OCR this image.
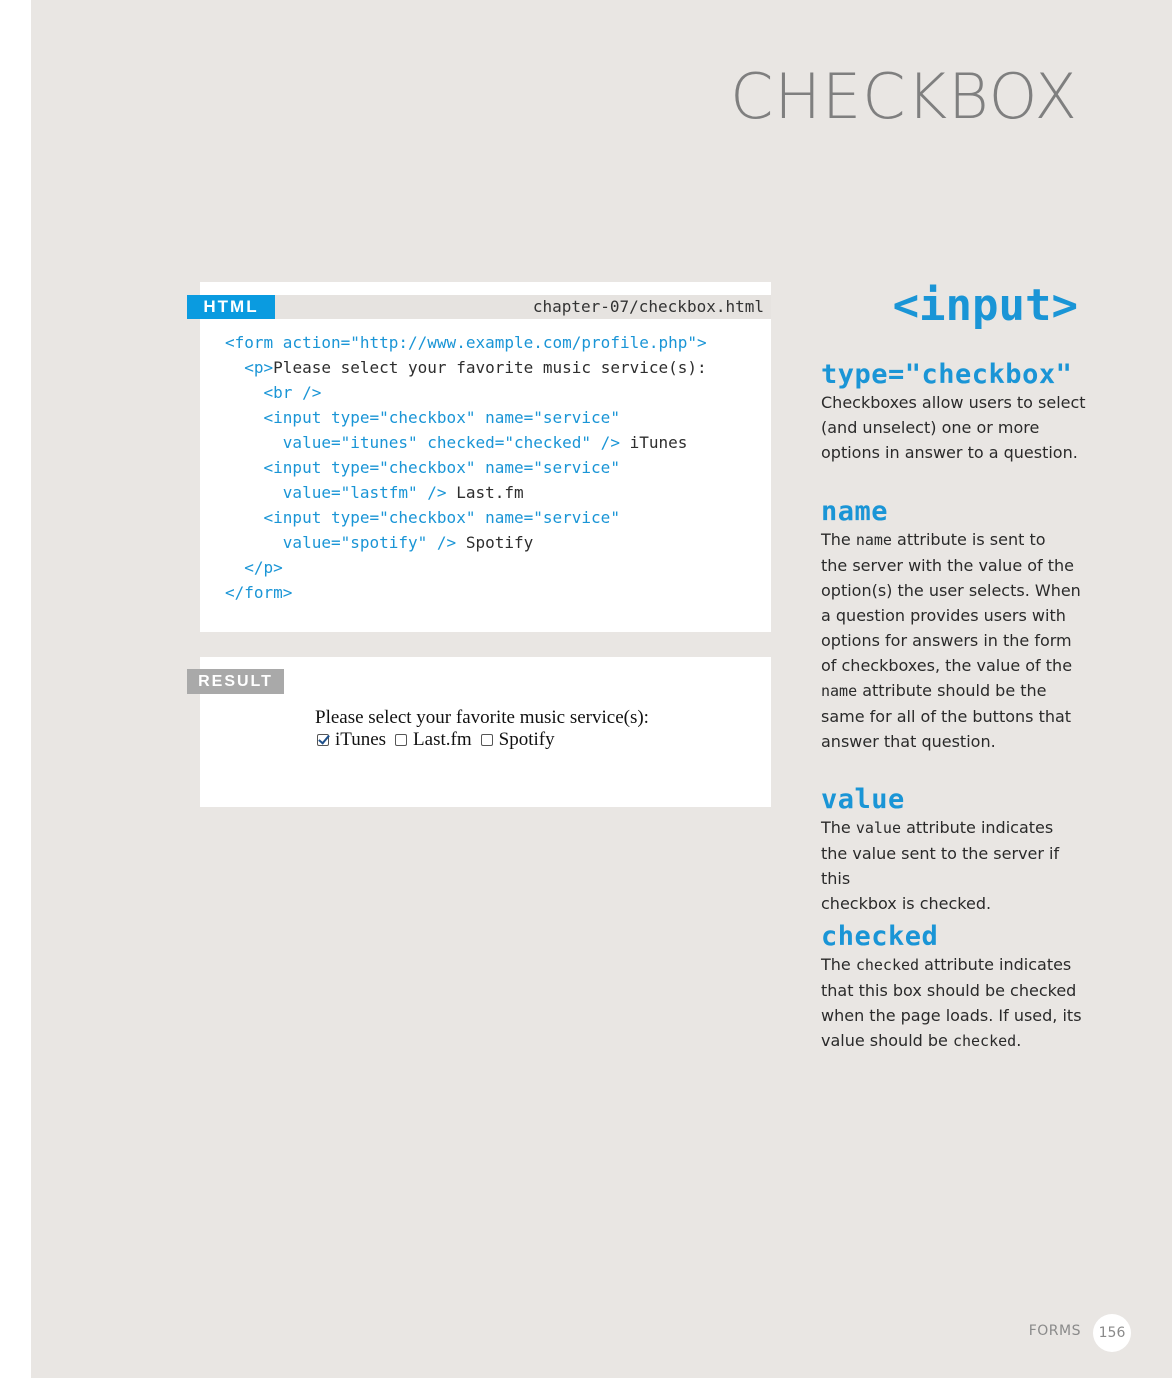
CHECKBOX
HTML	chapter-07/checkbox.html
<form action="http://www.example.com/profile.php">
<p>Please select your favorite music service(s):
<br />
<input type="checkbox" name="service"
value="itunes" checked="checked" /> iTunes
<input type="checkbox" name="service"
value="lastfm" /> Last.fm
<input type="checkbox" name="service"
value="spotify" /> Spotify
</p>
</form>
RESULT
Please select your favorite music service(s):
iTunes Last.fm Spotify
<input>
type="checkbox"

Checkboxes allow users to select
(and unselect) one or more
options in answer to a question.

name

The name attribute is sent to
the server with the value of the
option(s) the user selects. When
a question provides users with
options for answers in the form
of checkboxes, the value of the
name attribute should be the
same for all of the buttons that
answer that question.

value

The value attribute indicates
the value sent to the server if this
checkbox is checked.

checked

The checked attribute indicates
that this box should be checked
when the page loads. If used, its
value should be checked.

FORMS	156
